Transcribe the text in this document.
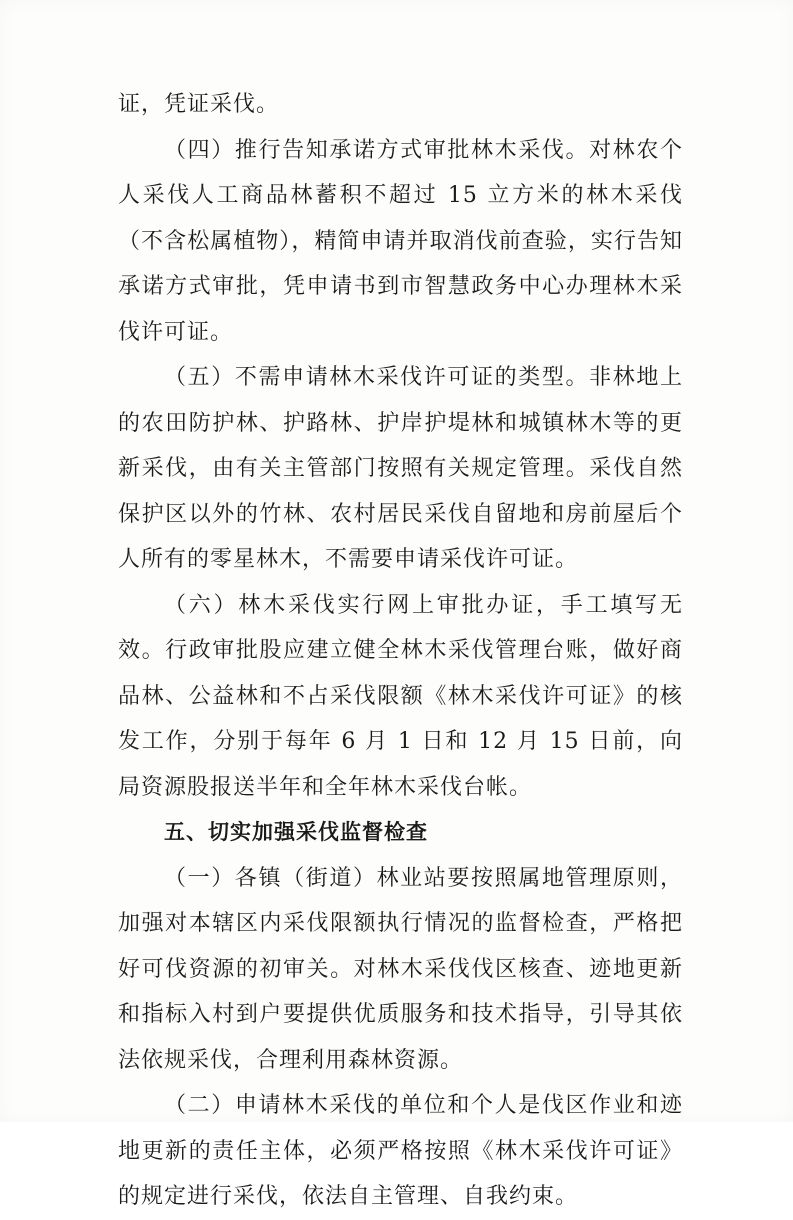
证，凭证采伐。

（四）推行告知承诺方式审批林木采伐。对林农个人采伐人工商品林蓄积不超过 15 立方米的林木采伐（不含松属植物），精简申请并取消伐前查验，实行告知承诺方式审批，凭申请书到市智慧政务中心办理林木采伐许可证。

（五）不需申请林木采伐许可证的类型。非林地上的农田防护林、护路林、护岸护堤林和城镇林木等的更新采伐，由有关主管部门按照有关规定管理。采伐自然保护区以外的竹林、农村居民采伐自留地和房前屋后个人所有的零星林木，不需要申请采伐许可证。

（六）林木采伐实行网上审批办证，手工填写无效。行政审批股应建立健全林木采伐管理台账，做好商品林、公益林和不占采伐限额《林木采伐许可证》的核发工作，分别于每年 6 月 1 日和 12 月 15 日前，向局资源股报送半年和全年林木采伐台帐。

五、切实加强采伐监督检查

（一）各镇（街道）林业站要按照属地管理原则，加强对本辖区内采伐限额执行情况的监督检查，严格把好可伐资源的初审关。对林木采伐伐区核查、迹地更新和指标入村到户要提供优质服务和技术指导，引导其依法依规采伐，合理利用森林资源。

（二）申请林木采伐的单位和个人是伐区作业和迹地更新的责任主体，必须严格按照《林木采伐许可证》的规定进行采伐，依法自主管理、自我约束。
